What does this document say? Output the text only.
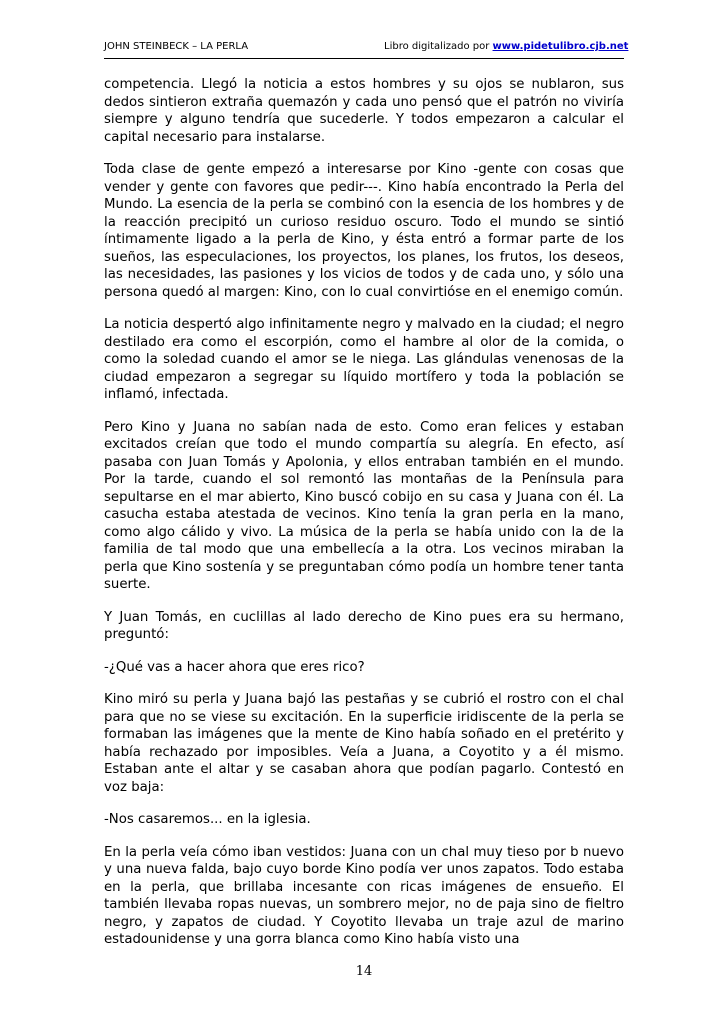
JOHN STEINBECK – LA PERLA	Libro digitalizado por www.pidetulibro.cjb.net

competencia. Llegó la noticia a estos hombres y su ojos se nublaron, sus dedos sintieron extraña quemazón y cada uno pensó que el patrón no viviría siempre y alguno tendría que sucederle. Y todos empezaron a calcular el capital necesario para instalarse.

Toda clase de gente empezó a interesarse por Kino -gente con cosas que vender y gente con favores que pedir---. Kino había encontrado la Perla del Mundo. La esencia de la perla se combinó con la esencia de los hombres y de la reacción precipitó un curioso residuo oscuro. Todo el mundo se sintió íntimamente ligado a la perla de Kino, y ésta entró a formar parte de los sueños, las especulaciones, los proyectos, los planes, los frutos, los deseos, las necesidades, las pasiones y los vicios de todos y de cada uno, y sólo una persona quedó al margen: Kino, con lo cual convirtióse en el enemigo común.

La noticia despertó algo infinitamente negro y malvado en la ciudad; el negro destilado era como el escorpión, como el hambre al olor de la comida, o como la soledad cuando el amor se le niega. Las glándulas venenosas de la ciudad empezaron a segregar su líquido mortífero y toda la población se inflamó, infectada.

Pero Kino y Juana no sabían nada de esto. Como eran felices y estaban excitados creían que todo el mundo compartía su alegría. En efecto, así pasaba con Juan Tomás y Apolonia, y ellos entraban también en el mundo. Por la tarde, cuando el sol remontó las montañas de la Península para sepultarse en el mar abierto, Kino buscó cobijo en su casa y Juana con él. La casucha estaba atestada de vecinos. Kino tenía la gran perla en la mano, como algo cálido y vivo. La música de la perla se había unido con la de la familia de tal modo que una embellecía a la otra. Los vecinos miraban la perla que Kino sostenía y se preguntaban cómo podía un hombre tener tanta suerte.

Y Juan Tomás, en cuclillas al lado derecho de Kino pues era su hermano, preguntó:

-¿Qué vas a hacer ahora que eres rico?

Kino miró su perla y Juana bajó las pestañas y se cubrió el rostro con el chal para que no se viese su excitación. En la superficie iridiscente de la perla se formaban las imágenes que la mente de Kino había soñado en el pretérito y había rechazado por imposibles. Veía a Juana, a Coyotito y a él mismo. Estaban ante el altar y se casaban ahora que podían pagarlo. Contestó en voz baja:

-Nos casaremos... en la iglesia.

En la perla veía cómo iban vestidos: Juana con un chal muy tieso por b nuevo y una nueva falda, bajo cuyo borde Kino podía ver unos zapatos. Todo estaba en la perla, que brillaba incesante con ricas imágenes de ensueño. El también llevaba ropas nuevas, un sombrero mejor, no de paja sino de fieltro negro, y zapatos de ciudad. Y Coyotito llevaba un traje azul de marino estadounidense y una gorra blanca como Kino había visto una

14
